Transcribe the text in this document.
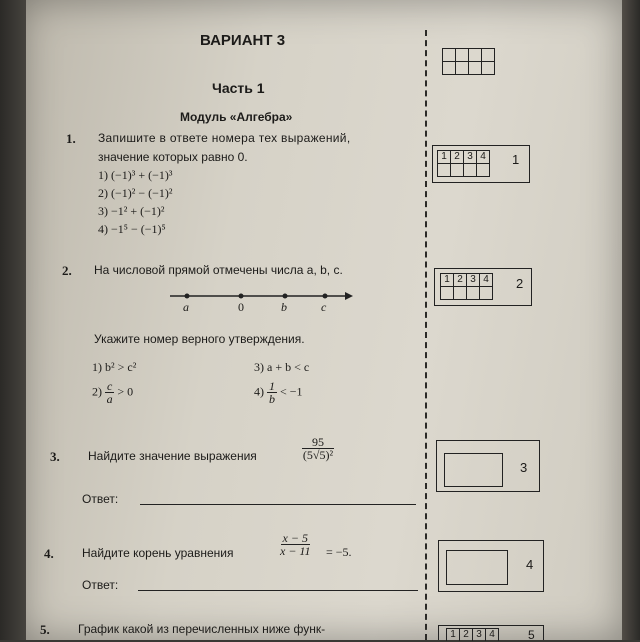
ВАРИАНТ 3
Часть 1
Модуль «Алгебра»
1. Запишите в ответе номера тех выражений,
значение которых равно 0.
1) (−1)³ + (−1)³
2) (−1)² − (−1)²
3) −1² + (−1)²
4) −1⁵ − (−1)⁵
1 2 3 4 1
2. На числовой прямой отмечены числа a, b, c.
a	0	b	c
Укажите номер верного утверждения.
1) b² > c²
$2) \frac{c}{a} > 0$
3) a + b < c
$4) \frac{1}{b} < -1$
1 2 3 4 2
3. Найдите значение выражения	$\frac{95}{\text{(5√5)²}}$
Ответ:
3
4. Найдите корень уравнения	$\frac{x - 5}{x - 11} = -5$.
Ответ:
4
5. График какой из перечисленных ниже функ-	1 2 3 4	5
